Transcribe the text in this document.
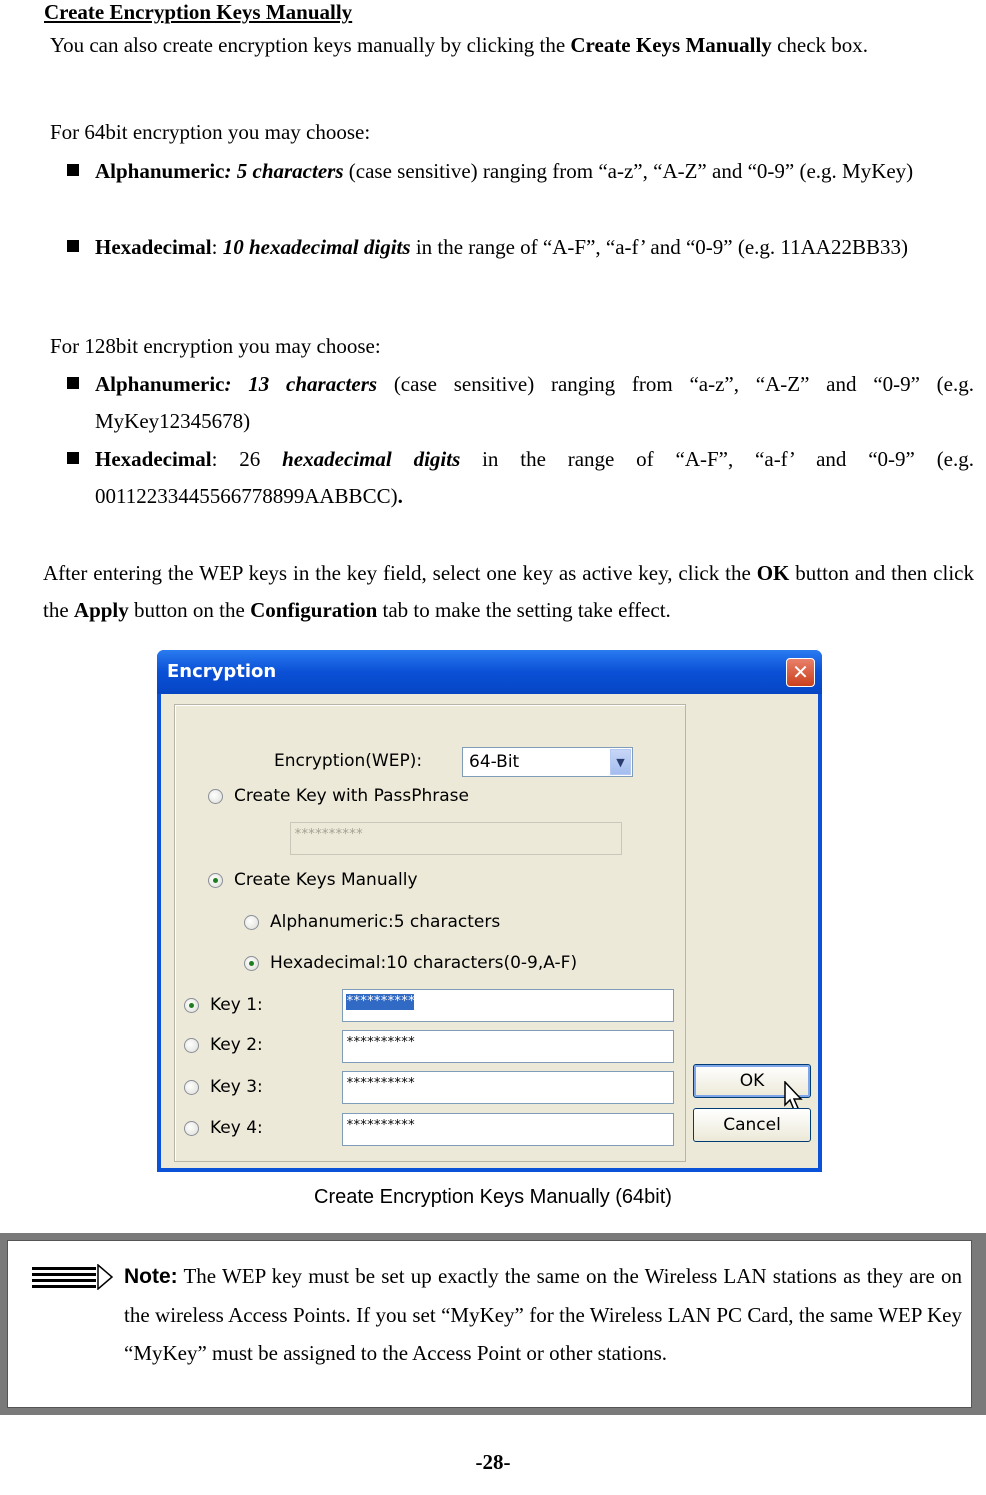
Create Encryption Keys Manually
You can also create encryption keys manually by clicking the Create Keys Manually check box.
For 64bit encryption you may choose:
Alphanumeric: 5 characters (case sensitive) ranging from “a-z”, “A-Z” and “0-9” (e.g. MyKey)
Hexadecimal: 10 hexadecimal digits in the range of “A-F”, “a-f’ and “0-9” (e.g. 11AA22BB33)
For 128bit encryption you may choose:
Alphanumeric: 13 characters (case sensitive) ranging from “a-z”, “A-Z” and “0-9” (e.g. MyKey12345678)
Hexadecimal: 26 hexadecimal digits in the range of “A-F”, “a-f’ and “0-9” (e.g. 00112233445566778899AABBCC).
After entering the WEP keys in the key field, select one key as active key, click the OK button and then click the Apply button on the Configuration tab to make the setting take effect.
Encryption	✕
Encryption(WEP):	64-Bit	▼
Create Key with PassPhrase
**********
Create Keys Manually
Alphanumeric:5 characters
Hexadecimal:10 characters(0-9,A-F)
Key 1:	**********
Key 2:	**********
Key 3:	**********
Key 4:	**********
OK
Cancel
Create Encryption Keys Manually (64bit)
Note: The WEP key must be set up exactly the same on the Wireless LAN stations as they are on the wireless Access Points. If you set “MyKey” for the Wireless LAN PC Card, the same WEP Key “MyKey” must be assigned to the Access Point or other stations.
-28-
